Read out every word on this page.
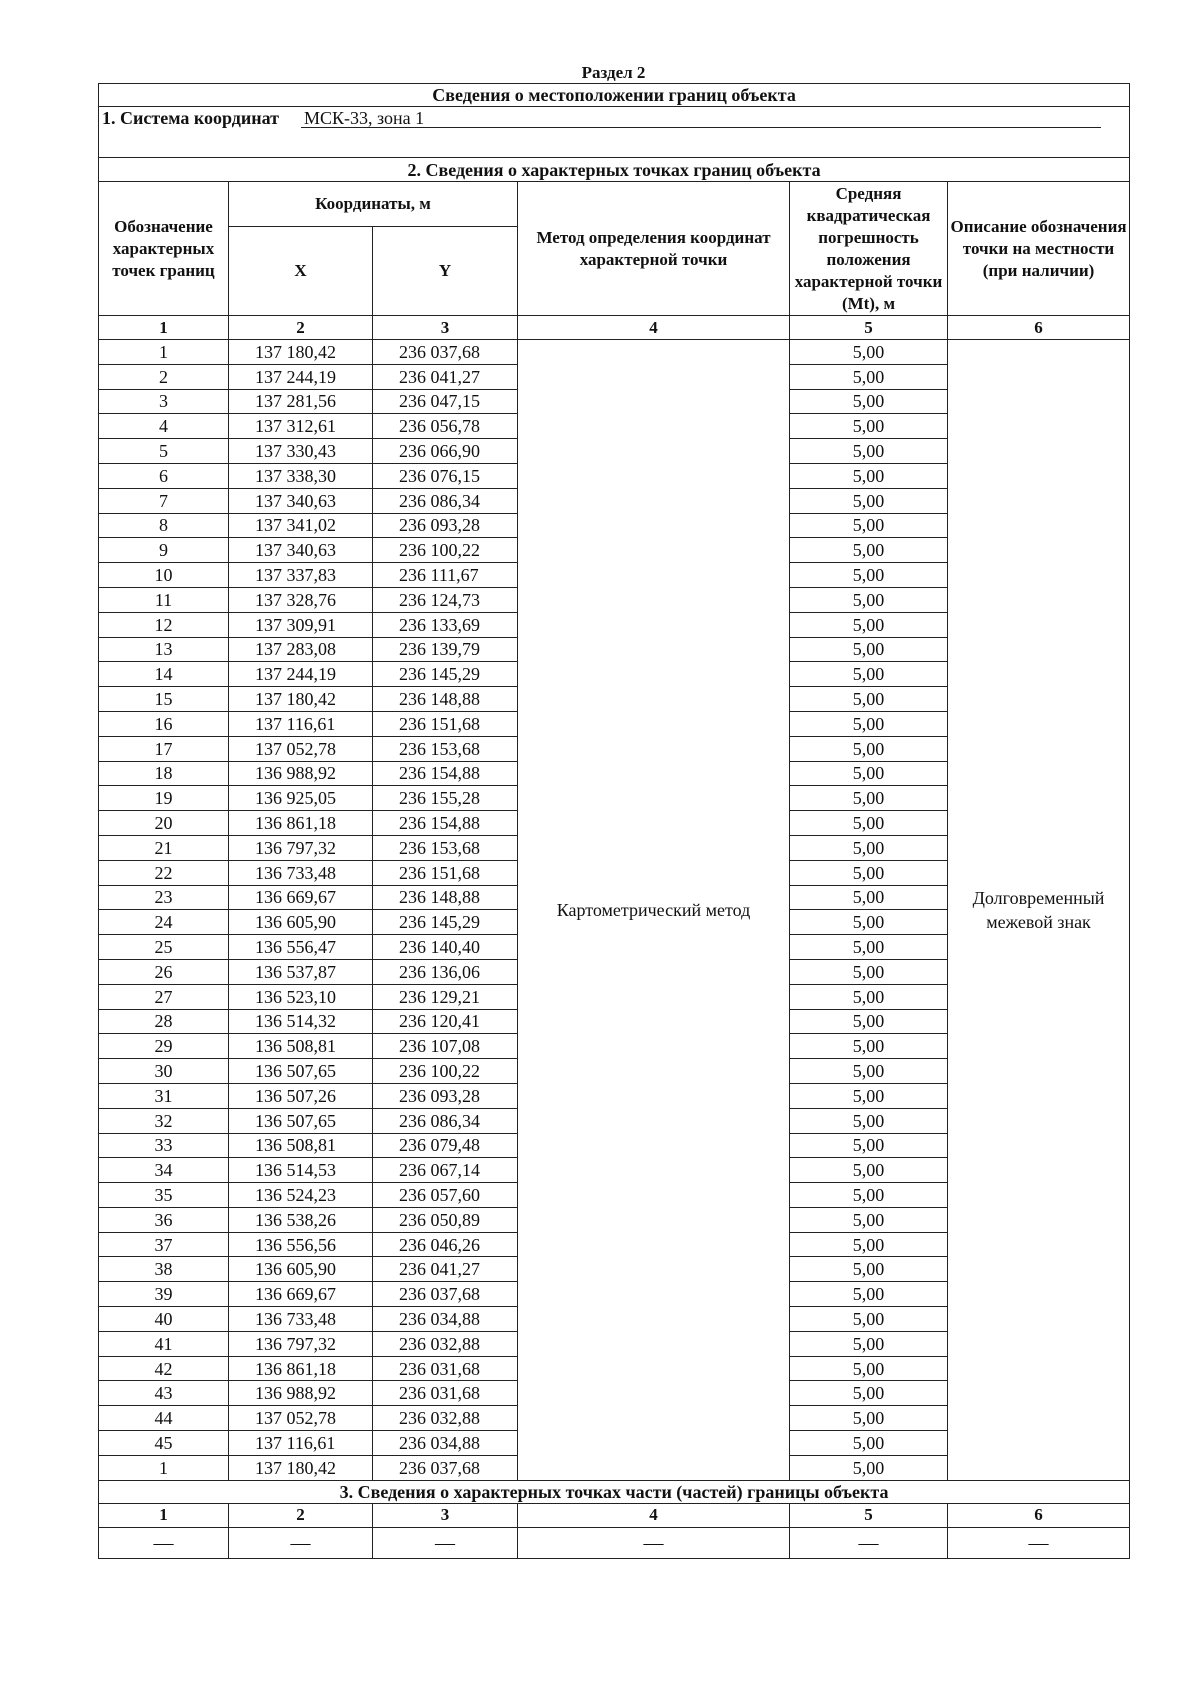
Раздел 2
Сведения о местоположении границ объекта					
1. Система координат МСК-33, зона 1					
2. Сведения о характерных точках границ объекта					
Обозначение характерных точек границ	Координаты, м		Метод определения координат характерной точки	Средняя квадратическая погрешность положения характерной точки (Mt), м	Описание обозначения точки на местности (при наличии)
	X	Y			
1	2	3	4	5	6
1	137 180,42	236 037,68	Картометрический метод	5,00	Долговременный межевой знак
2	137 244,19	236 041,27		5,00	
3	137 281,56	236 047,15		5,00	
4	137 312,61	236 056,78		5,00	
5	137 330,43	236 066,90		5,00	
6	137 338,30	236 076,15		5,00	
7	137 340,63	236 086,34		5,00	
8	137 341,02	236 093,28		5,00	
9	137 340,63	236 100,22		5,00	
10	137 337,83	236 111,67		5,00	
11	137 328,76	236 124,73		5,00	
12	137 309,91	236 133,69		5,00	
13	137 283,08	236 139,79		5,00	
14	137 244,19	236 145,29		5,00	
15	137 180,42	236 148,88		5,00	
16	137 116,61	236 151,68		5,00	
17	137 052,78	236 153,68		5,00	
18	136 988,92	236 154,88		5,00	
19	136 925,05	236 155,28		5,00	
20	136 861,18	236 154,88		5,00	
21	136 797,32	236 153,68		5,00	
22	136 733,48	236 151,68		5,00	
23	136 669,67	236 148,88		5,00	
24	136 605,90	236 145,29		5,00	
25	136 556,47	236 140,40		5,00	
26	136 537,87	236 136,06		5,00	
27	136 523,10	236 129,21		5,00	
28	136 514,32	236 120,41		5,00	
29	136 508,81	236 107,08		5,00	
30	136 507,65	236 100,22		5,00	
31	136 507,26	236 093,28		5,00	
32	136 507,65	236 086,34		5,00	
33	136 508,81	236 079,48		5,00	
34	136 514,53	236 067,14		5,00	
35	136 524,23	236 057,60		5,00	
36	136 538,26	236 050,89		5,00	
37	136 556,56	236 046,26		5,00	
38	136 605,90	236 041,27		5,00	
39	136 669,67	236 037,68		5,00	
40	136 733,48	236 034,88		5,00	
41	136 797,32	236 032,88		5,00	
42	136 861,18	236 031,68		5,00	
43	136 988,92	236 031,68		5,00	
44	137 052,78	236 032,88		5,00	
45	137 116,61	236 034,88		5,00	
1	137 180,42	236 037,68		5,00	
3. Сведения о характерных точках части (частей) границы объекта					
1	2	3	4	5	6
—	—	—	—	—	—
